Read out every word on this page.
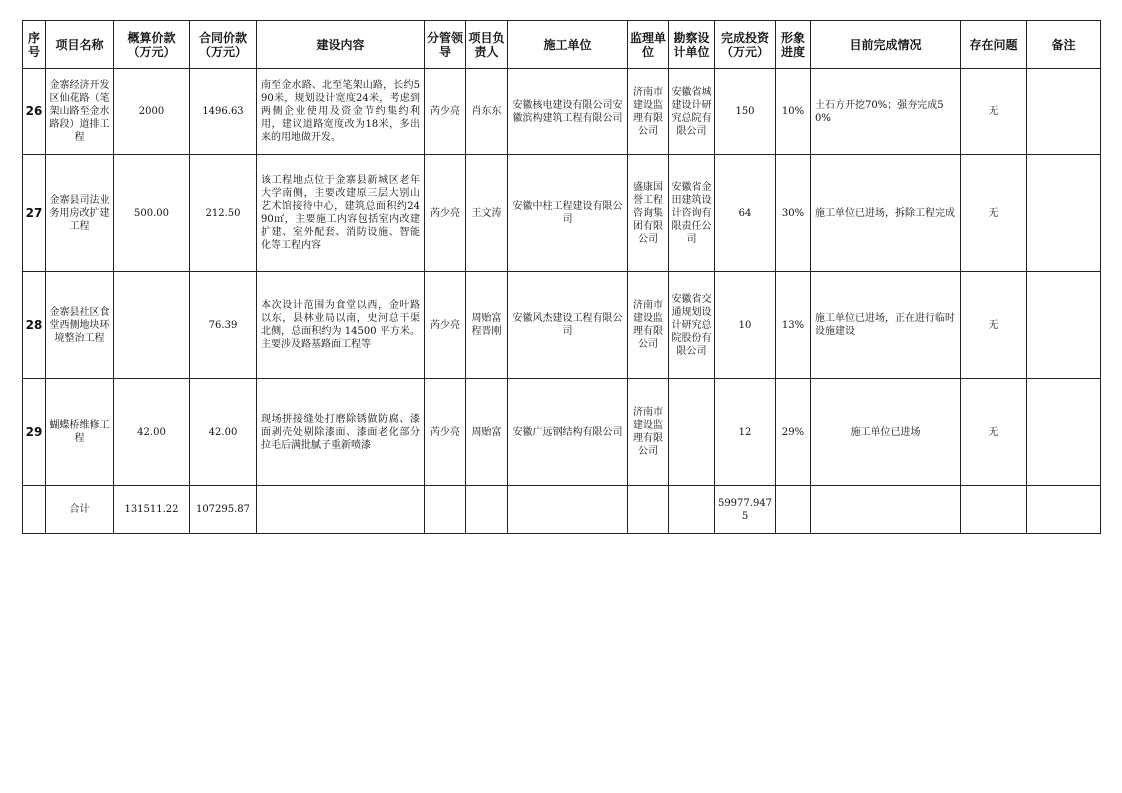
序号	项目名称	概算价款（万元）	合同价款（万元）	建设内容	分管领导	项目负责人	施工单位	监理单位	勘察设计单位	完成投资（万元）	形象进度	目前完成情况	存在问题	备注
26	金寨经济开发区仙花路（笔架山路至金水路段）道排工程	2000	1496.63	南至金水路、北至笔架山路，长约590米，规划设计宽度24米，考虑到两侧企业使用及资金节约集约利用，建议道路宽度改为18米，多出来的用地做开发。	芮少亮	肖东东	安徽核电建设有限公司安徽滨构建筑工程有限公司	济南市建设监理有限公司	安徽省城建设计研究总院有限公司	150	10%	土石方开挖70%；强夯完成50%	无	
27	金寨县司法业务用房改扩建工程	500.00	212.50	该工程地点位于金寨县新城区老年大学南侧，主要改建原三层大别山艺术馆接待中心，建筑总面积约2490㎡，主要施工内容包括室内改建扩建、室外配套、消防设施、智能化等工程内容	芮少亮	王文涛	安徽中柱工程建设有限公司	盛康国誉工程咨询集团有限公司	安徽省金田建筑设计咨询有限责任公司	64	30%	施工单位已进场，拆除工程完成	无	
28	金寨县社区食堂西侧地块环境整治工程		76.39	本次设计范围为食堂以西，金叶路以东，县林业局以南，史河总干渠北侧，总面积约为 14500 平方米。主要涉及路基路面工程等	芮少亮	周贻富程晋刚	安徽风杰建设工程有限公司	济南市建设监理有限公司	安徽省交通规划设计研究总院股份有限公司	10	13%	施工单位已进场，正在进行临时设施建设	无	
29	蝴蝶桥维修工程	42.00	42.00	现场拼接缝处打磨除锈做防腐、漆面剥壳处剔除漆面、漆面老化部分拉毛后满批腻子重新喷漆	芮少亮	周贻富	安徽广远钢结构有限公司	济南市建设监理有限公司		12	29%	施工单位已进场	无	
	合计	131511.22	107295.87							59977.9475				
